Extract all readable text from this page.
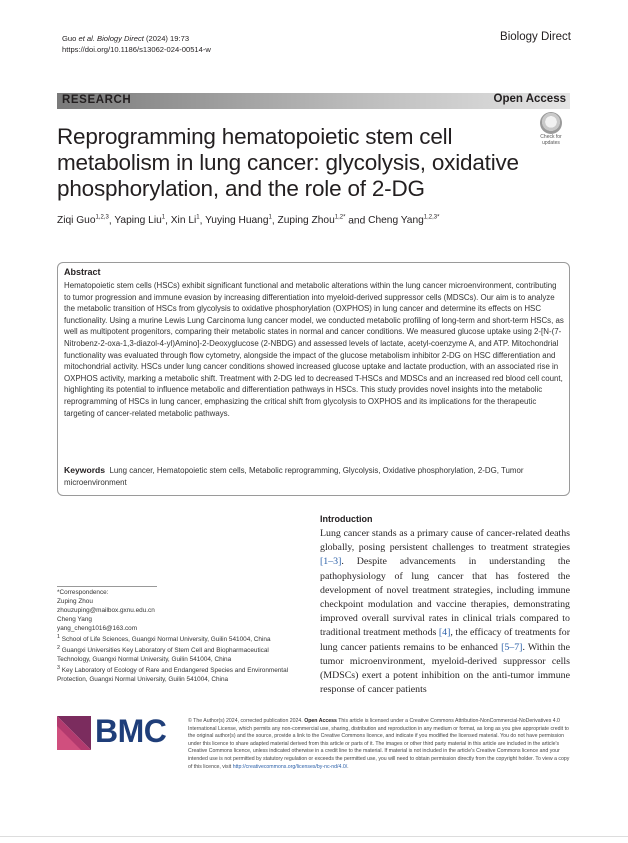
Guo et al. Biology Direct (2024) 19:73
https://doi.org/10.1186/s13062-024-00514-w
Biology Direct
RESEARCH	Open Access
Check for
updates
Reprogramming hematopoietic stem cell metabolism in lung cancer: glycolysis, oxidative phosphorylation, and the role of 2-DG
Ziqi Guo$^{1,2,3}$, Yaping Liu$^1$, Xin Li$^1$, Yuying Huang$^1$, Zuping Zhou$^{1,2*}$ and Cheng Yang$^{1,2,3*}$
Abstract
Hematopoietic stem cells (HSCs) exhibit significant functional and metabolic alterations within the lung cancer microenvironment, contributing to tumor progression and immune evasion by increasing differentiation into myeloid-derived suppressor cells (MDSCs). Our aim is to analyze the metabolic transition of HSCs from glycolysis to oxidative phosphorylation (OXPHOS) in lung cancer and determine its effects on HSC functionality. Using a murine Lewis Lung Carcinoma lung cancer model, we conducted metabolic profiling of long-term and short-term HSCs, as well as multipotent progenitors, comparing their metabolic states in normal and cancer conditions. We measured glucose uptake using 2-[N-(7-Nitrobenz-2-oxa-1,3-diazol-4-yl)Amino]-2-Deoxyglucose (2-NBDG) and assessed levels of lactate, acetyl-coenzyme A, and ATP. Mitochondrial functionality was evaluated through flow cytometry, alongside the impact of the glucose metabolism inhibitor 2-DG on HSC differentiation and mitochondrial activity. HSCs under lung cancer conditions showed increased glucose uptake and lactate production, with an associated rise in OXPHOS activity, marking a metabolic shift. Treatment with 2-DG led to decreased T-HSCs and MDSCs and an increased red blood cell count, highlighting its potential to influence metabolic and differentiation pathways in HSCs. This study provides novel insights into the metabolic reprogramming of HSCs in lung cancer, emphasizing the critical shift from glycolysis to OXPHOS and its implications for the therapeutic targeting of cancer-related metabolic pathways.
Keywords Lung cancer, Hematopoietic stem cells, Metabolic reprogramming, Glycolysis, Oxidative phosphorylation, 2-DG, Tumor microenvironment
Introduction
Lung cancer stands as a primary cause of cancer-related deaths globally, posing persistent challenges to treatment strategies [1–3]. Despite advancements in understanding the pathophysiology of lung cancer that has fostered the development of novel treatment strategies, including immune checkpoint modulation and vaccine therapies, demonstrating improved overall survival rates in clinical trials compared to traditional treatment methods [4], the efficacy of treatments for lung cancer patients remains to be enhanced [5–7]. Within the tumor microenvironment, myeloid-derived suppressor cells (MDSCs) exert a potent inhibition on the anti-tumor immune response of cancer patients
*Correspondence:
Zuping Zhou
zhouzuping@mailbox.gxnu.edu.cn
Cheng Yang
yang_cheng1016@163.com
$^1$ School of Life Sciences, Guangxi Normal University, Guilin 541004, China
$^2$ Guangxi Universities Key Laboratory of Stem Cell and Biopharmaceutical Technology, Guangxi Normal University, Guilin 541004, China
$^3$ Key Laboratory of Ecology of Rare and Endangered Species and Environmental Protection, Guangxi Normal University, Guilin 541004, China
BMC	© The Author(s) 2024, corrected publication 2024. Open Access This article is licensed under a Creative Commons Attribution-NonCommercial-NoDerivatives 4.0 International License, which permits any non-commercial use, sharing, distribution and reproduction in any medium or format, as long as you give appropriate credit to the original author(s) and the source, provide a link to the Creative Commons licence, and indicate if you modified the licensed material. You do not have permission under this licence to share adapted material derived from this article or parts of it. The images or other third party material in this article are included in the article's Creative Commons licence, unless indicated otherwise in a credit line to the material. If material is not included in the article's Creative Commons licence and your intended use is not permitted by statutory regulation or exceeds the permitted use, you will need to obtain permission directly from the copyright holder. To view a copy of this licence, visit http://creativecommons.org/licenses/by-nc-nd/4.0/.
